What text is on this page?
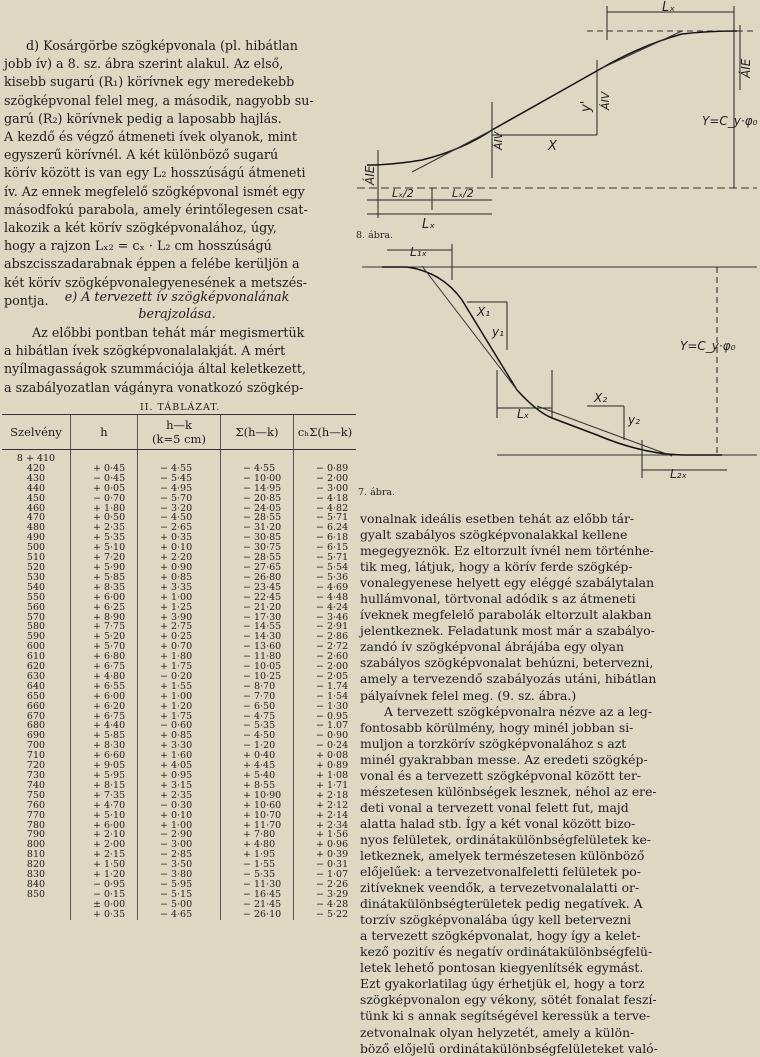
d) Kosárgörbe szögképvonala (pl. hibátlan
jobb ív) a 8. sz. ábra szerint alakul. Az első,
kisebb sugarú (R₁) körívnek egy meredekebb
szögképvonal felel meg, a második, nagyobb su-
garú (R₂) körívnek pedig a laposabb hajlás.
A kezdő és végző átmeneti ívek olyanok, mint
egyszerű körívnél. A két különböző sugarú
körív között is van egy L₂ hosszúságú átmeneti
ív. Az ennek megfelelő szögképvonal ismét egy
másodfokú parabola, amely érintőlegesen csat-
lakozik a két körív szögképvonalához, úgy,
hogy a rajzon Lₓ₂ = cₓ · L₂ cm hosszúságú
abszcisszadarabnak éppen a felébe kerüljön a
két körív szögképvonalegyenesének a metszés-
pontja.	e) A tervezett ív szögképvonalának
berajzolása.
Az előbbi pontban tehát már megismertük
a hibátlan ívek szögképvonalalakját. A mért
nyílmagasságok szummációja által keletkezett,
a szabályozatlan vágányra vonatkozó szögkép-
II. TÁBLÁZAT.
Szelvény	h	h—k
(k=5 cm)	Σ(h—k)	cₕΣ(h—k)
8 + 410				
420	+ 0·45	− 4·55	− 4·55	− 0·89
430	− 0·45	− 5·45	− 10·00	− 2·00
440	+ 0·05	− 4·95	− 14·95	− 3·00
450	− 0·70	− 5·70	− 20·85	− 4·18
460	+ 1·80	− 3·20	− 24·05	− 4·82
470	+ 0·50	− 4·50	− 28·55	− 5·71
480	+ 2·35	− 2·65	− 31·20	− 6.24
490	+ 5·35	+ 0·35	− 30·85	− 6·18
500	+ 5·10	+ 0·10	− 30·75	− 6·15
510	+ 7·20	+ 2·20	− 28·55	− 5·71
520	+ 5·90	+ 0·90	− 27·65	− 5·54
530	+ 5·85	+ 0·85	− 26·80	− 5·36
540	+ 8·35	+ 3·35	− 23·45	− 4·69
550	+ 6·00	+ 1·00	− 22·45	− 4·48
560	+ 6·25	+ 1·25	− 21·20	− 4·24
570	+ 8·90	+ 3·90	− 17·30	− 3·46
580	+ 7·75	+ 2·75	− 14·55	− 2·91
590	+ 5·20	+ 0·25	− 14·30	− 2·86
600	+ 5·70	+ 0·70	− 13·60	− 2·72
610	+ 6·80	+ 1·80	− 11·80	− 2·60
620	+ 6·75	+ 1·75	− 10·05	− 2·00
630	+ 4·80	− 0·20	− 10·25	− 2·05
640	+ 6·55	+ 1·55	− 8·70	− 1.74
650	+ 6·00	+ 1·00	− 7·70	− 1·54
660	+ 6·20	+ 1·20	− 6·50	− 1·30
670	+ 6·75	+ 1·75	− 4·75	− 0.95
680	+ 4·40	− 0·60	− 5·35	− 1.07
690	+ 5·85	+ 0·85	− 4·50	− 0·90
700	+ 8·30	+ 3·30	− 1·20	− 0·24
710	+ 6·60	+ 1·60	+ 0·40	+ 0·08
720	+ 9·05	+ 4·05	+ 4·45	+ 0·89
730	+ 5·95	+ 0·95	+ 5·40	+ 1·08
740	+ 8·15	+ 3·15	+ 8·55	+ 1·71
750	+ 7·35	+ 2·35	+ 10·90	+ 2·18
760	+ 4·70	− 0·30	+ 10·60	+ 2·12
770	+ 5·10	+ 0·10	+ 10·70	+ 2·14
780	+ 6·00	+ 1·00	+ 11·70	+ 2·34
790	+ 2·10	− 2·90	+ 7·80	+ 1·56
800	+ 2·00	− 3·00	+ 4·80	+ 0·96
810	+ 2·15	− 2·85	+ 1·95	+ 0·39
820	+ 1·50	− 3·50	− 1·55	− 0·31
830	+ 1·20	− 3·80	− 5·35	− 1·07
840	− 0·95	− 5·95	− 11·30	− 2·26
850	− 0·15	− 5·15	− 16·45	− 3·29
	± 0·00	− 5·00	− 21·45	− 4·28
	+ 0·35	− 4·65	− 26·10	− 5·22
Lₓ
ÁIE
ÁIV
y'
ÁIV	X
Y=C_y·φ₀
ÁIE
Lₓ/2	Lₓ/2
Lₓ
8. ábra.
L₁ₓ
X₁
y₁
Lₓ
X₂
y₂
Y=C_y·φ₀
L₂ₓ
7. ábra.
vonalnak ideális esetben tehát az előbb tár-
gyalt szabályos szögképvonalakkal kellene
megegyeznök. Ez eltorzult ívnél nem történhe-
tik meg, látjuk, hogy a körív ferde szögkép-
vonalegyenese helyett egy eléggé szabálytalan
hullámvonal, törtvonal adódik s az átmeneti
íveknek megfelelő parabolák eltorzult alakban
jelentkeznek. Feladatunk most már a szabályo-
zandó ív szögképvonal ábrájába egy olyan
szabályos szögképvonalat behúzni, betervezni,
amely a tervezendő szabályozás utáni, hibátlan
pályaívnek felel meg. (9. sz. ábra.)
A tervezett szögképvonalra nézve az a leg-
fontosabb körülmény, hogy minél jobban si-
muljon a torzkörív szögképvonalához s azt
minél gyakrabban messe. Az eredeti szögkép-
vonal és a tervezett szögképvonal között ter-
mészetesen különbségek lesznek, néhol az ere-
deti vonal a tervezett vonal felett fut, majd
alatta halad stb. Így a két vonal között bizo-
nyos felületek, ordinátakülönbségfelületek ke-
letkeznek, amelyek természetesen különböző
előjelűek: a tervezetvonalfeletti felületek po-
zitíveknek veendők, a tervezetvonalalatti or-
dinátakülönbségterületek pedig negatívek. A
torzív szögképvonalába úgy kell betervezni
a tervezett szögképvonalat, hogy így a kelet-
kező pozitív és negatív ordinátakülönbségfelü-
letek lehető pontosan kiegyenlítsék egymást.
Ezt gyakorlatilag úgy érhetjük el, hogy a torz
szögképvonalon egy vékony, sötét fonalat feszí-
tünk ki s annak segítségével keressük a terve-
zetvonalnak olyan helyzetét, amely a külön-
böző előjelű ordinátakülönbségfelületeket való-
